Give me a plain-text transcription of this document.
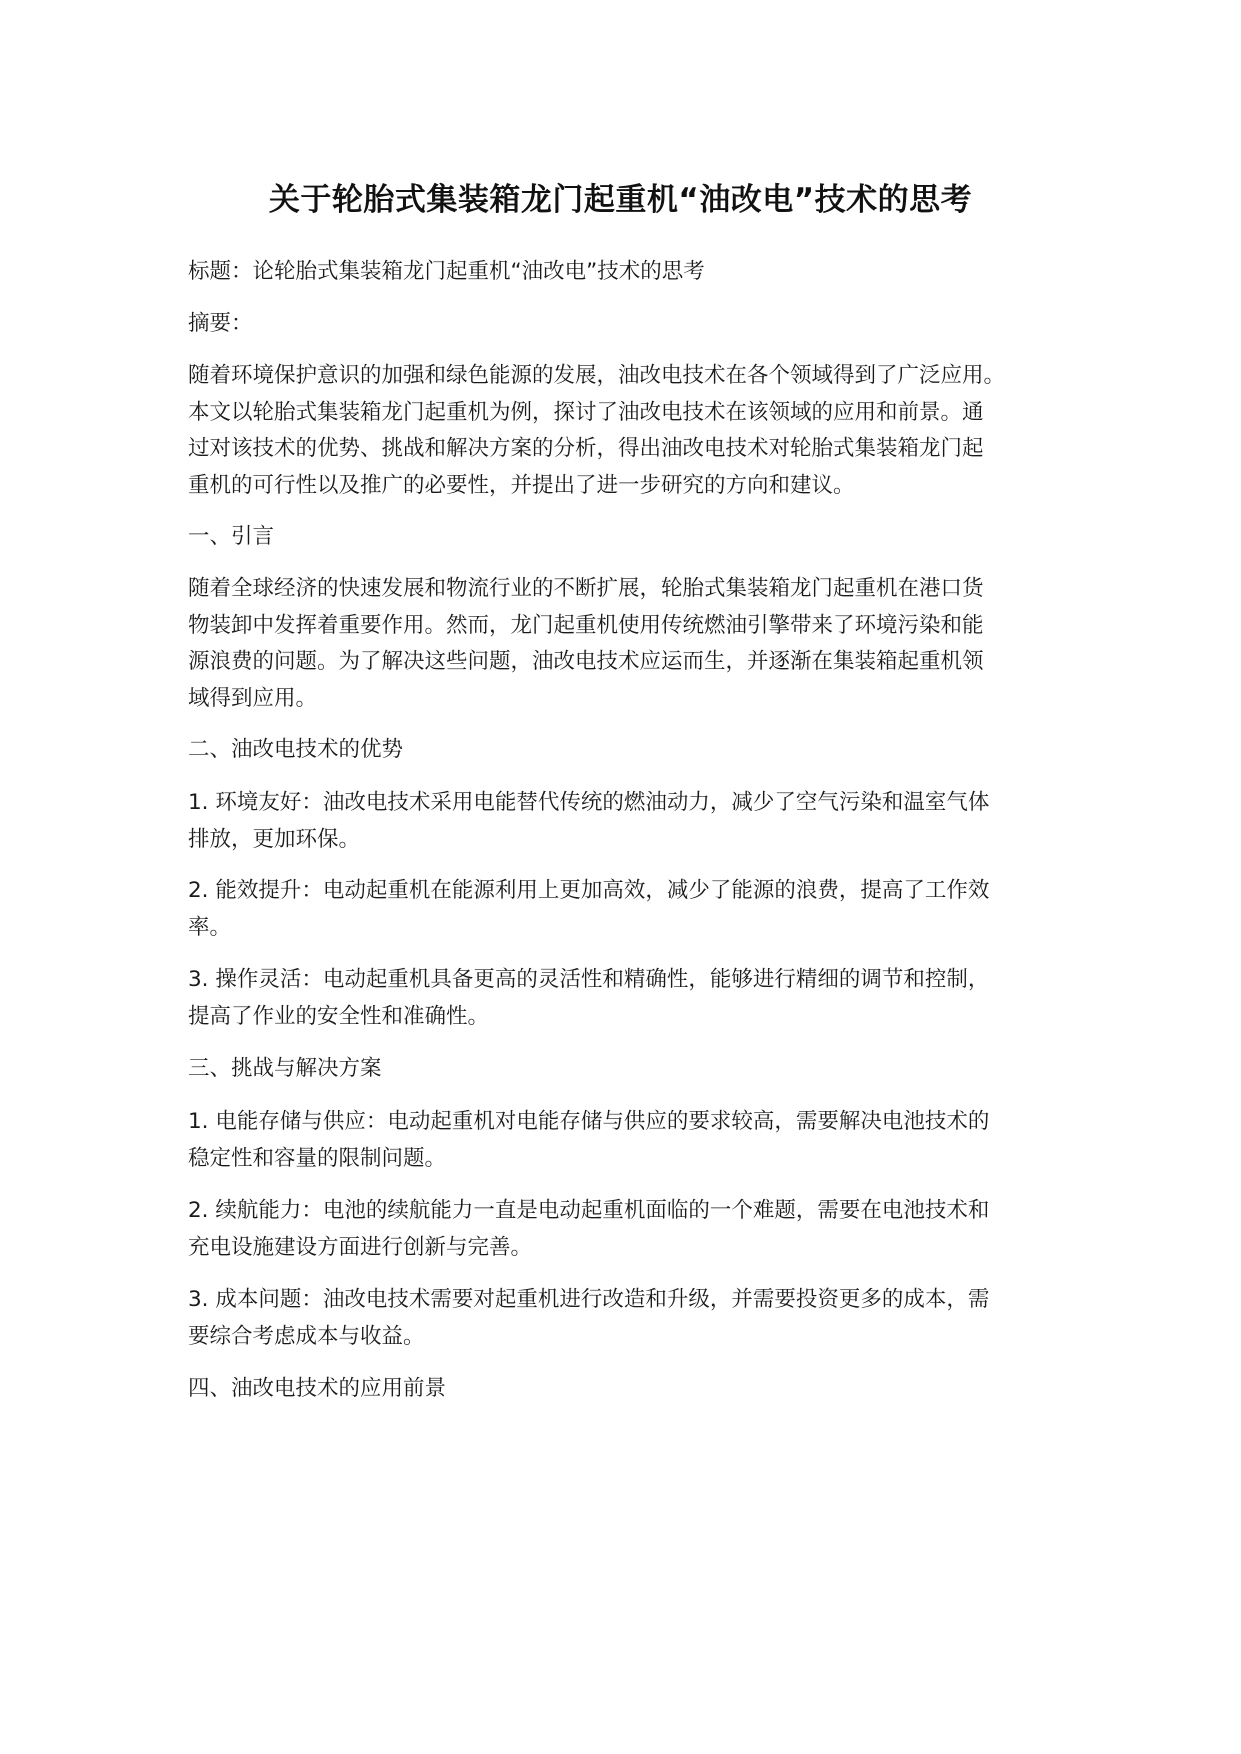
关于轮胎式集装箱龙门起重机“油改电”技术的思考
标题：论轮胎式集装箱龙门起重机“油改电”技术的思考
摘要：
随着环境保护意识的加强和绿色能源的发展，油改电技术在各个领域得到了广泛应用。
本文以轮胎式集装箱龙门起重机为例，探讨了油改电技术在该领域的应用和前景。通
过对该技术的优势、挑战和解决方案的分析，得出油改电技术对轮胎式集装箱龙门起
重机的可行性以及推广的必要性，并提出了进一步研究的方向和建议。
一、引言
随着全球经济的快速发展和物流行业的不断扩展，轮胎式集装箱龙门起重机在港口货
物装卸中发挥着重要作用。然而，龙门起重机使用传统燃油引擎带来了环境污染和能
源浪费的问题。为了解决这些问题，油改电技术应运而生，并逐渐在集装箱起重机领
域得到应用。
二、油改电技术的优势
1. 环境友好：油改电技术采用电能替代传统的燃油动力，减少了空气污染和温室气体
排放，更加环保。
2. 能效提升：电动起重机在能源利用上更加高效，减少了能源的浪费，提高了工作效
率。
3. 操作灵活：电动起重机具备更高的灵活性和精确性，能够进行精细的调节和控制，
提高了作业的安全性和准确性。
三、挑战与解决方案
1. 电能存储与供应：电动起重机对电能存储与供应的要求较高，需要解决电池技术的
稳定性和容量的限制问题。
2. 续航能力：电池的续航能力一直是电动起重机面临的一个难题，需要在电池技术和
充电设施建设方面进行创新与完善。
3. 成本问题：油改电技术需要对起重机进行改造和升级，并需要投资更多的成本，需
要综合考虑成本与收益。
四、油改电技术的应用前景
